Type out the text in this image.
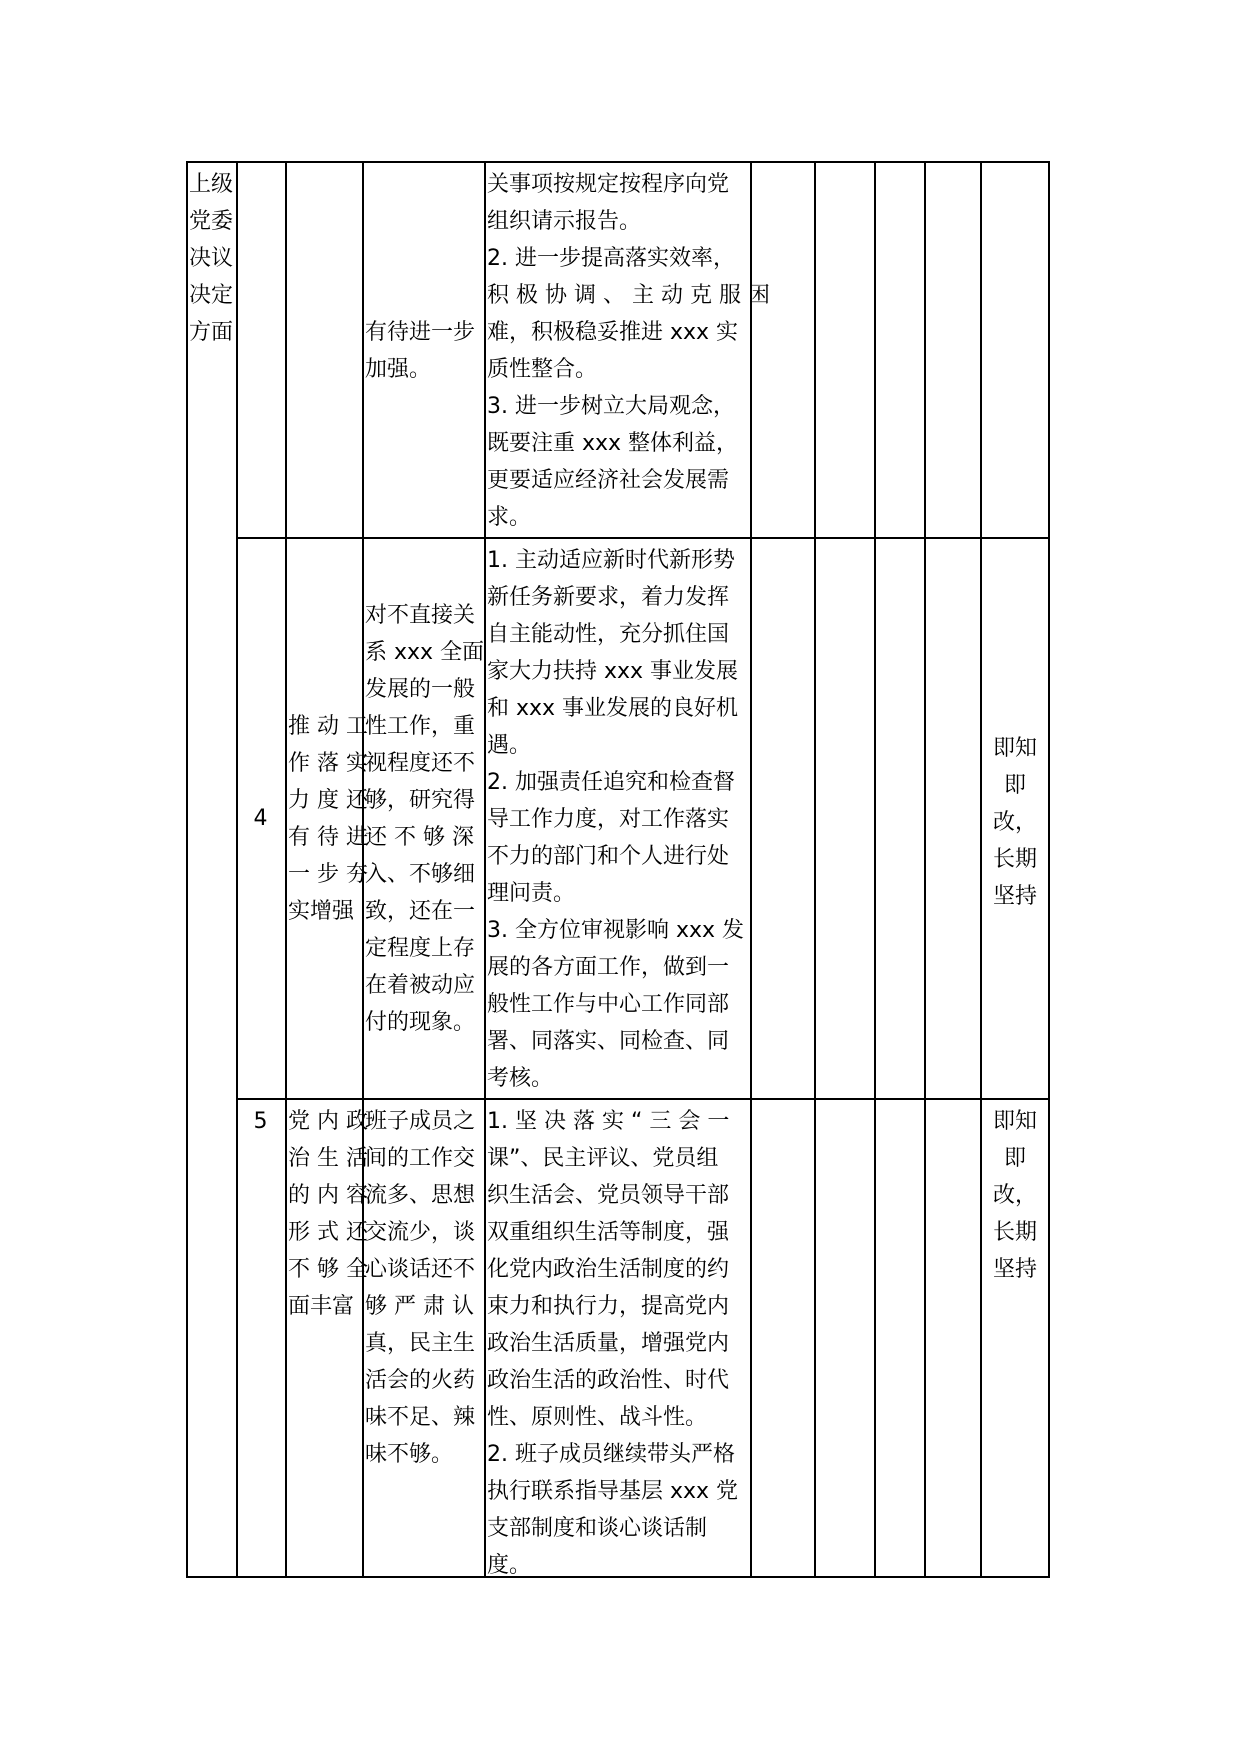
上级
党委
决议
决定
方面	有待进一步
加强。
关事项按规定按程序向党
组织请示报告。
2. 进一步提高落实效率，
积 极 协 调 、 主 动 克 服 困
难，积极稳妥推进 xxx 实
质性整合。
3. 进一步树立大局观念，
既要注重 xxx 整体利益，
更要适应经济社会发展需
求。
4
推 动 工
作 落 实
力 度 还
有 待 进
一 步 夯
实增强
对不直接关
系 xxx 全面
发展的一般
性工作，重
视程度还不
够，研究得
还 不 够 深
入、不够细
致，还在一
定程度上存
在着被动应
付的现象。
1. 主动适应新时代新形势
新任务新要求，着力发挥
自主能动性，充分抓住国
家大力扶持 xxx 事业发展
和 xxx 事业发展的良好机
遇。
2. 加强责任追究和检查督
导工作力度，对工作落实
不力的部门和个人进行处
理问责。
3. 全方位审视影响 xxx 发
展的各方面工作，做到一
般性工作与中心工作同部
署、同落实、同检查、同
考核。
即知
即
改，
长期
坚持
5 党 内 政
治 生 活
的 内 容
形 式 还
不 够 全
面丰富
班子成员之
间的工作交
流多、思想
交流少，谈
心谈话还不
够 严 肃 认
真，民主生
活会的火药
味不足、辣
味不够。
1. 坚 决 落 实 “ 三 会 一
课”、民主评议、党员组
织生活会、党员领导干部
双重组织生活等制度，强
化党内政治生活制度的约
束力和执行力，提高党内
政治生活质量，增强党内
政治生活的政治性、时代
性、原则性、战斗性。
2. 班子成员继续带头严格
执行联系指导基层 xxx 党
支部制度和谈心谈话制
度。
即知
即
改，
长期
坚持
